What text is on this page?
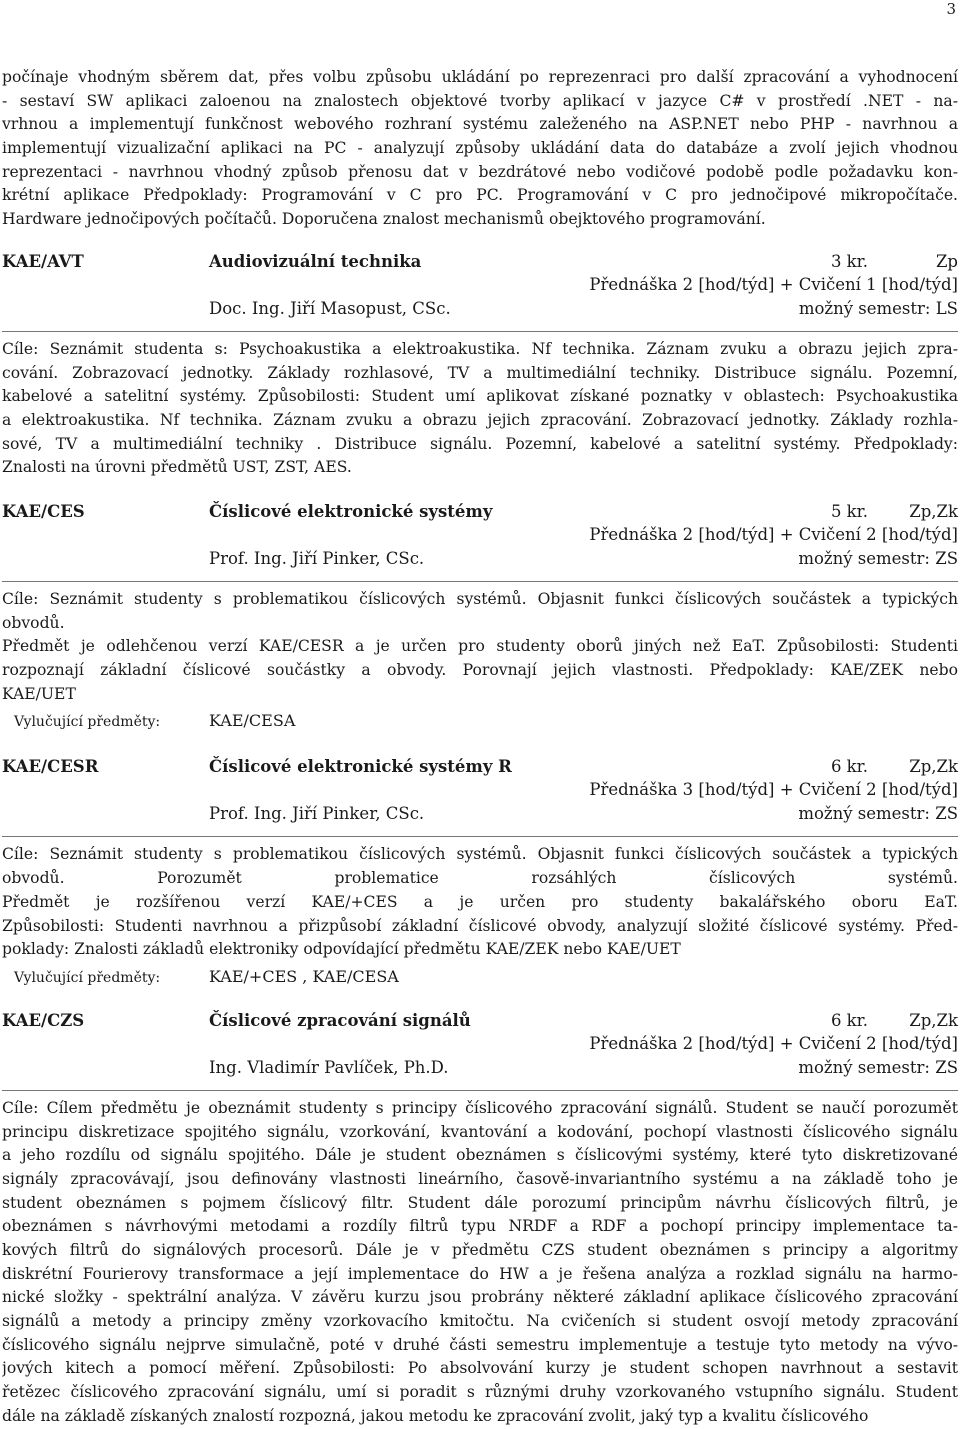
3
počínaje vhodným sběrem dat, přes volbu způsobu ukládání po reprezenraci pro další zpracování a vyhodnocení
- sestaví SW aplikaci zaloenou na znalostech objektové tvorby aplikací v jazyce C# v prostředí .NET - na-
vrhnou a implementují funkčnost webového rozhraní systému zaleženého na ASP.NET nebo PHP - navrhnou a
implementují vizualizační aplikaci na PC - analyzují způsoby ukládání data do databáze a zvolí jejich vhodnou
reprezentaci - navrhnou vhodný způsob přenosu dat v bezdrátové nebo vodičové podobě podle požadavku kon-
krétní aplikace Předpoklady: Programování v C pro PC. Programování v C pro jednočipové mikropočítače.
Hardware jednočipových počítačů. Doporučena znalost mechanismů obejktového programování.
KAE/AVT	Audiovizuální technika	3 kr.	Zp
Přednáška 2 [hod/týd] + Cvičení 1 [hod/týd]
Doc. Ing. Jiří Masopust, CSc.	možný semestr: LS
Cíle: Seznámit studenta s: Psychoakustika a elektroakustika. Nf technika. Záznam zvuku a obrazu jejich zpra-
cování. Zobrazovací jednotky. Základy rozhlasové, TV a multimediální techniky. Distribuce signálu. Pozemní,
kabelové a satelitní systémy. Způsobilosti: Student umí aplikovat získané poznatky v oblastech: Psychoakustika
a elektroakustika. Nf technika. Záznam zvuku a obrazu jejich zpracování. Zobrazovací jednotky. Základy rozhla-
sové, TV a multimediální techniky . Distribuce signálu. Pozemní, kabelové a satelitní systémy. Předpoklady:
Znalosti na úrovni předmětů UST, ZST, AES.
KAE/CES	Číslicové elektronické systémy	5 kr.	Zp,Zk
Přednáška 2 [hod/týd] + Cvičení 2 [hod/týd]
Prof. Ing. Jiří Pinker, CSc.	možný semestr: ZS
Cíle: Seznámit studenty s problematikou číslicových systémů. Objasnit funkci číslicových součástek a typických
obvodů.
Předmět je odlehčenou verzí KAE/CESR a je určen pro studenty oborů jiných než EaT. Způsobilosti: Studenti
rozpoznají základní číslicové součástky a obvody. Porovnají jejich vlastnosti. Předpoklady: KAE/ZEK nebo
KAE/UET
Vylučující předměty:	KAE/CESA
KAE/CESR	Číslicové elektronické systémy R	6 kr.	Zp,Zk
Přednáška 3 [hod/týd] + Cvičení 2 [hod/týd]
Prof. Ing. Jiří Pinker, CSc.	možný semestr: ZS
Cíle: Seznámit studenty s problematikou číslicových systémů. Objasnit funkci číslicových součástek a typických
obvodů. Porozumět problematice rozsáhlých číslicových systémů.
Předmět je rozšířenou verzí KAE/+CES a je určen pro studenty bakalářského oboru EaT.
Způsobilosti: Studenti navrhnou a přizpůsobí základní číslicové obvody, analyzují složité číslicové systémy. Před-
poklady: Znalosti základů elektroniky odpovídající předmětu KAE/ZEK nebo KAE/UET
Vylučující předměty:	KAE/+CES , KAE/CESA
KAE/CZS	Číslicové zpracování signálů	6 kr.	Zp,Zk
Přednáška 2 [hod/týd] + Cvičení 2 [hod/týd]
Ing. Vladimír Pavlíček, Ph.D.	možný semestr: ZS
Cíle: Cílem předmětu je obeznámit studenty s principy číslicového zpracování signálů. Student se naučí porozumět
principu diskretizace spojitého signálu, vzorkování, kvantování a kodování, pochopí vlastnosti číslicového signálu
a jeho rozdílu od signálu spojitého. Dále je student obeznámen s číslicovými systémy, které tyto diskretizované
signály zpracovávají, jsou definovány vlastnosti lineárního, časově-invariantního systému a na základě toho je
student obeznámen s pojmem číslicový filtr. Student dále porozumí principům návrhu číslicových filtrů, je
obeznámen s návrhovými metodami a rozdíly filtrů typu NRDF a RDF a pochopí principy implementace ta-
kových filtrů do signálových procesorů. Dále je v předmětu CZS student obeznámen s principy a algoritmy
diskrétní Fourierovy transformace a její implementace do HW a je řešena analýza a rozklad signálu na harmo-
nické složky - spektrální analýza. V závěru kurzu jsou probrány některé základní aplikace číslicového zpracování
signálů a metody a principy změny vzorkovacího kmitočtu. Na cvičeních si student osvojí metody zpracování
číslicového signálu nejprve simulačně, poté v druhé části semestru implementuje a testuje tyto metody na vývo-
jových kitech a pomocí měření. Způsobilosti: Po absolvování kurzy je student schopen navrhnout a sestavit
řetězec číslicového zpracování signálu, umí si poradit s různými druhy vzorkovaného vstupního signálu. Student
dále na základě získaných znalostí rozpozná, jakou metodu ke zpracování zvolit, jaký typ a kvalitu číslicového
